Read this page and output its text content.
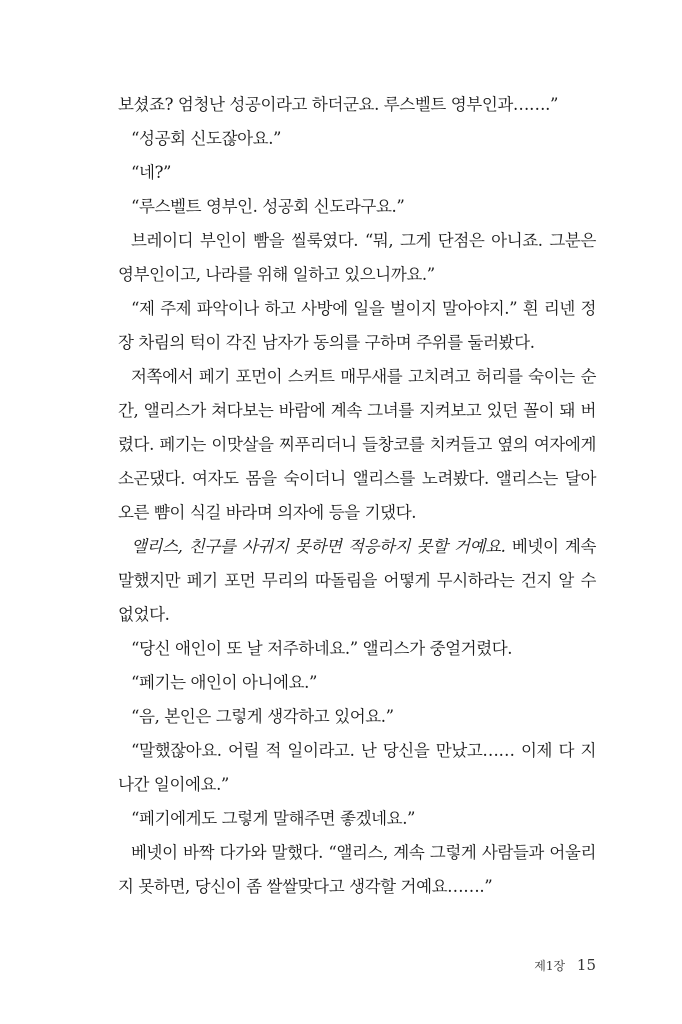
보셨죠? 엄청난 성공이라고 하더군요. 루스벨트 영부인과…….”

“성공회 신도잖아요.”

“네?”

“루스벨트 영부인. 성공회 신도라구요.”

브레이디 부인이 빰을 씰룩였다. “뭐, 그게 단점은 아니죠. 그분은 영부인이고, 나라를 위해 일하고 있으니까요.”

“제 주제 파악이나 하고 사방에 일을 벌이지 말아야지.” 흰 리넨 정장 차림의 턱이 각진 남자가 동의를 구하며 주위를 둘러봤다.

저쪽에서 페기 포먼이 스커트 매무새를 고치려고 허리를 숙이는 순간, 앨리스가 쳐다보는 바람에 계속 그녀를 지켜보고 있던 꼴이 돼 버렸다. 페기는 이맛살을 찌푸리더니 들창코를 치켜들고 옆의 여자에게 소곤댔다. 여자도 몸을 숙이더니 앨리스를 노려봤다. 앨리스는 달아오른 뺨이 식길 바라며 의자에 등을 기댔다.

앨리스, 친구를 사귀지 못하면 적응하지 못할 거예요. 베넷이 계속 말했지만 페기 포먼 무리의 따돌림을 어떻게 무시하라는 건지 알 수 없었다.

“당신 애인이 또 날 저주하네요.” 앨리스가 중얼거렸다.

“페기는 애인이 아니에요.”

“음, 본인은 그렇게 생각하고 있어요.”

“말했잖아요. 어릴 적 일이라고. 난 당신을 만났고…… 이제 다 지나간 일이에요.”

“페기에게도 그렇게 말해주면 좋겠네요.”

베넷이 바짝 다가와 말했다. “앨리스, 계속 그렇게 사람들과 어울리지 못하면, 당신이 좀 쌀쌀맞다고 생각할 거예요…….”

제1장 15
